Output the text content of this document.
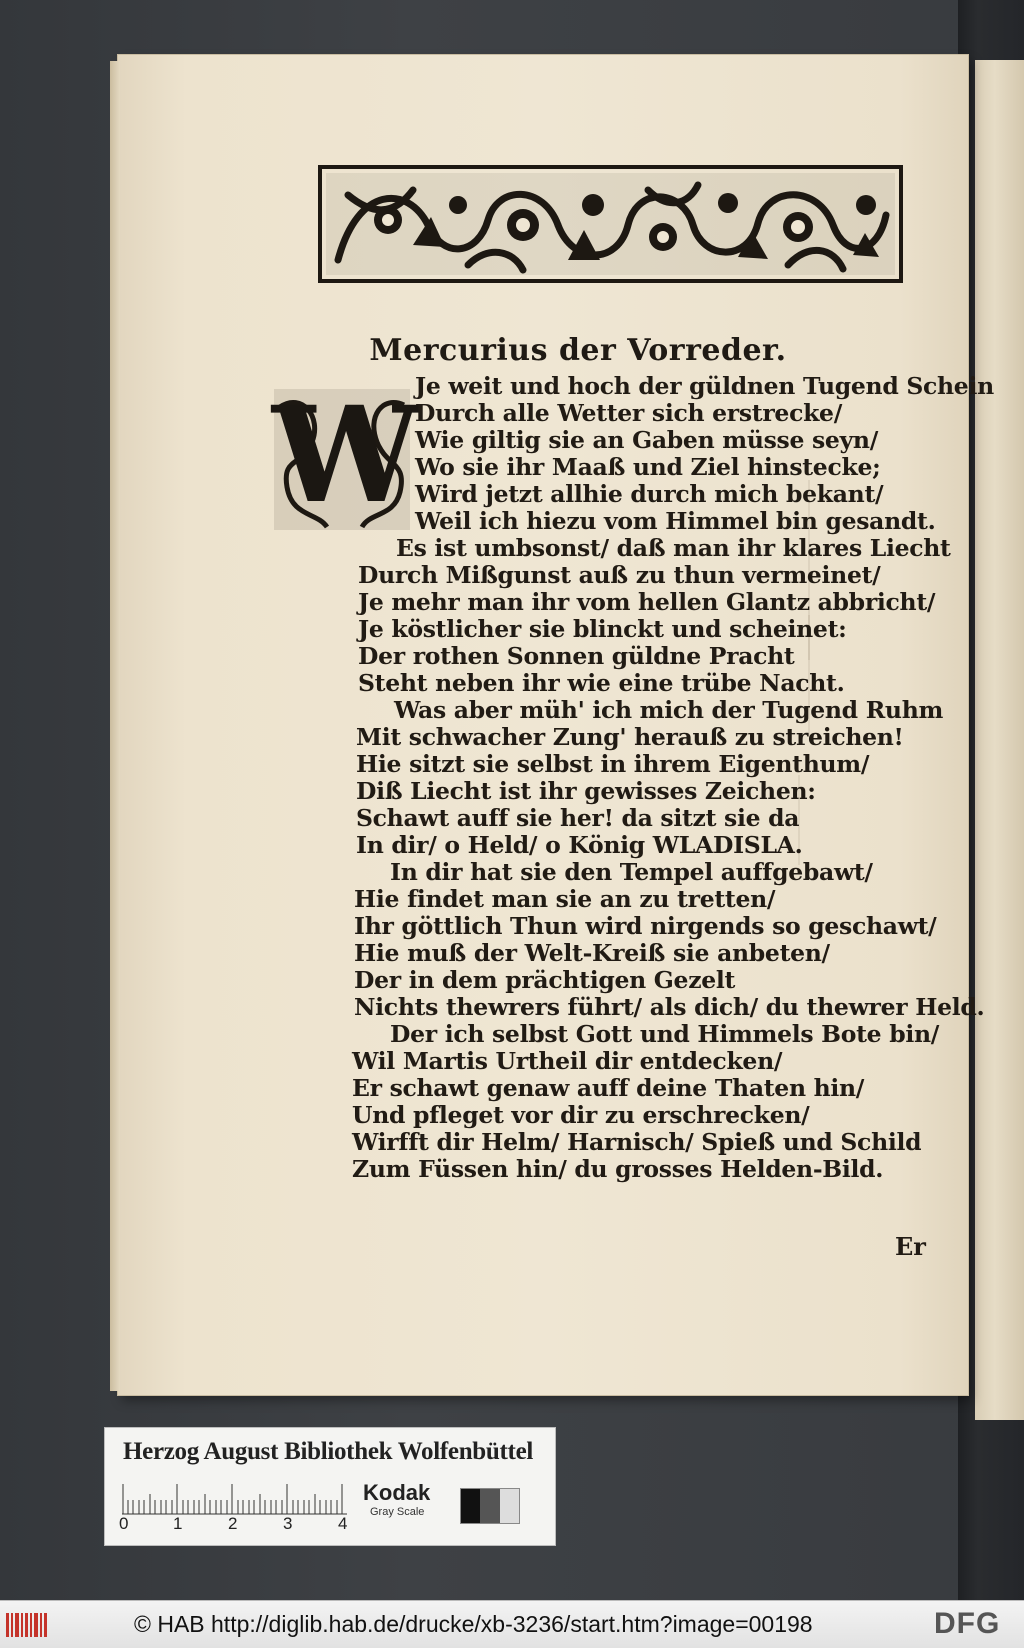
Mercurius der Vorreder.
W
Je weit und hoch der güldnen Tugend Schein
Durch alle Wetter sich erstrecke/
Wie giltig sie an Gaben müsse seyn/
Wo sie ihr Maaß und Ziel hinstecke;
Wird jetzt allhie durch mich bekant/
Weil ich hiezu vom Himmel bin gesandt.
Es ist umbsonst/ daß man ihr klares Liecht
Durch Mißgunst auß zu thun vermeinet/
Je mehr man ihr vom hellen Glantz abbricht/
Je köstlicher sie blinckt und scheinet:
Der rothen Sonnen güldne Pracht
Steht neben ihr wie eine trübe Nacht.
Was aber müh' ich mich der Tugend Ruhm
Mit schwacher Zung' herauß zu streichen!
Hie sitzt sie selbst in ihrem Eigenthum/
Diß Liecht ist ihr gewisses Zeichen:
Schawt auff sie her! da sitzt sie da
In dir/ o Held/ o König WLADISLA.
In dir hat sie den Tempel auffgebawt/
Hie findet man sie an zu tretten/
Ihr göttlich Thun wird nirgends so geschawt/
Hie muß der Welt-Kreiß sie anbeten/
Der in dem prächtigen Gezelt
Nichts thewrers führt/ als dich/ du thewrer Held.
Der ich selbst Gott und Himmels Bote bin/
Wil Martis Urtheil dir entdecken/
Er schawt genaw auff deine Thaten hin/
Und pfleget vor dir zu erschrecken/
Wirfft dir Helm/ Harnisch/ Spieß und Schild
Zum Füssen hin/ du grosses Helden-Bild.
Er
Herzog August Bibliothek Wolfenbüttel
0	1	2	3	4
Kodak
Gray Scale
© HAB http://diglib.hab.de/drucke/xb-3236/start.htm?image=00198	DFG
